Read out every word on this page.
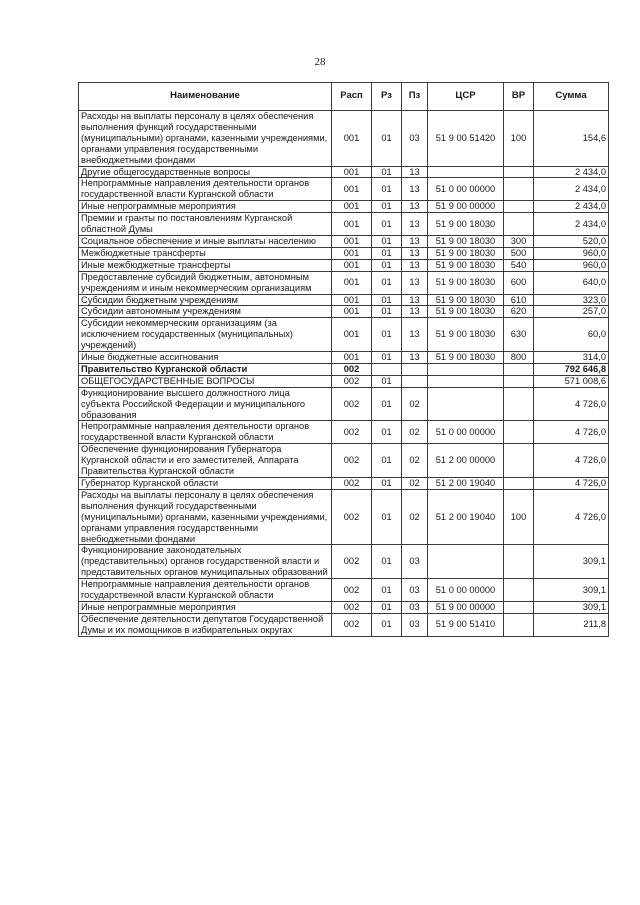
28
Наименование	Расп	Рз	Пз	ЦСР	ВР	Сумма
Расходы на выплаты персоналу в целях обеспечения выполнения функций государственными (муниципальными) органами, казенными учреждениями, органами управления государственными внебюджетными фондами	001	01	03	51 9 00 51420	100	154,6
Другие общегосударственные вопросы	001	01	13			2 434,0
Непрограммные направления деятельности органов государственной власти Курганской области	001	01	13	51 0 00 00000		2 434,0
Иные непрограммные мероприятия	001	01	13	51 9 00 00000		2 434,0
Премии и гранты по постановлениям Курганской областной Думы	001	01	13	51 9 00 18030		2 434,0
Социальное обеспечение и иные выплаты населению	001	01	13	51 9 00 18030	300	520,0
Межбюджетные трансферты	001	01	13	51 9 00 18030	500	960,0
Иные межбюджетные трансферты	001	01	13	51 9 00 18030	540	960,0
Предоставление субсидий бюджетным, автономным учреждениям и иным некоммерческим организациям	001	01	13	51 9 00 18030	600	640,0
Субсидии бюджетным учреждениям	001	01	13	51 9 00 18030	610	323,0
Субсидии автономным учреждениям	001	01	13	51 9 00 18030	620	257,0
Субсидии некоммерческим организациям (за исключением государственных (муниципальных) учреждений)	001	01	13	51 9 00 18030	630	60,0
Иные бюджетные ассигнования	001	01	13	51 9 00 18030	800	314,0
Правительство Курганской области	002					792 646,8
ОБЩЕГОСУДАРСТВЕННЫЕ ВОПРОСЫ	002	01				571 008,6
Функционирование высшего должностного лица субъекта Российской Федерации и муниципального образования	002	01	02			4 726,0
Непрограммные направления деятельности органов государственной власти Курганской области	002	01	02	51 0 00 00000		4 726,0
Обеспечение функционирования Губернатора Курганской области и его заместителей, Аппарата Правительства Курганской области	002	01	02	51 2 00 00000		4 726,0
Губернатор Курганской области	002	01	02	51 2 00 19040		4 726,0
Расходы на выплаты персоналу в целях обеспечения выполнения функций государственными (муниципальными) органами, казенными учреждениями, органами управления государственными внебюджетными фондами	002	01	02	51 2 00 19040	100	4 726,0
Функционирование законодательных (представительных) органов государственной власти и представительных органов муниципальных образований	002	01	03			309,1
Непрограммные направления деятельности органов государственной власти Курганской области	002	01	03	51 0 00 00000		309,1
Иные непрограммные мероприятия	002	01	03	51 9 00 00000		309,1
Обеспечение деятельности депутатов Государственной Думы и их помощников в избирательных округах	002	01	03	51 9 00 51410		211,8
